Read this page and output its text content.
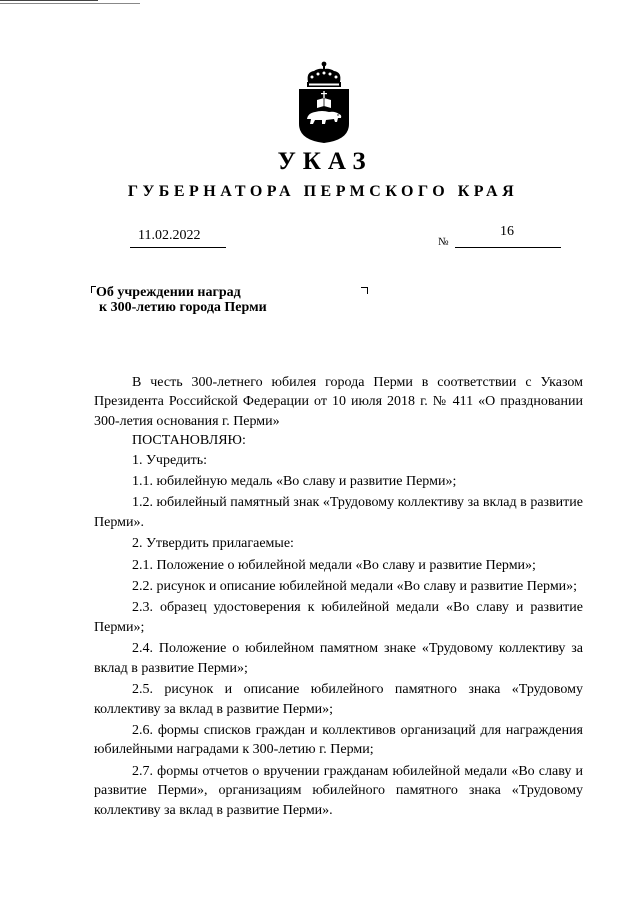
УКАЗ
ГУБЕРНАТОРА ПЕРМСКОГО КРАЯ
11.02.2022	№
16
Об учреждении наград
к 300-летию города Перми

В честь 300-летнего юбилея города Перми в соответствии с Указом Президента Российской Федерации от 10 июля 2018 г. № 411 «О праздновании 300-летия основания г. Перми»

ПОСТАНОВЛЯЮ:

1. Учредить:

1.1. юбилейную медаль «Во славу и развитие Перми»;

1.2. юбилейный памятный знак «Трудовому коллективу за вклад в развитие Перми».

2. Утвердить прилагаемые:

2.1. Положение о юбилейной медали «Во славу и развитие Перми»;

2.2. рисунок и описание юбилейной медали «Во славу и развитие Перми»;

2.3. образец удостоверения к юбилейной медали «Во славу и развитие Перми»;

2.4. Положение о юбилейном памятном знаке «Трудовому коллективу за вклад в развитие Перми»;

2.5. рисунок и описание юбилейного памятного знака «Трудовому коллективу за вклад в развитие Перми»;

2.6. формы списков граждан и коллективов организаций для награждения юбилейными наградами к 300-летию г. Перми;

2.7. формы отчетов о вручении гражданам юбилейной медали «Во славу и развитие Перми», организациям юбилейного памятного знака «Трудовому коллективу за вклад в развитие Перми».
